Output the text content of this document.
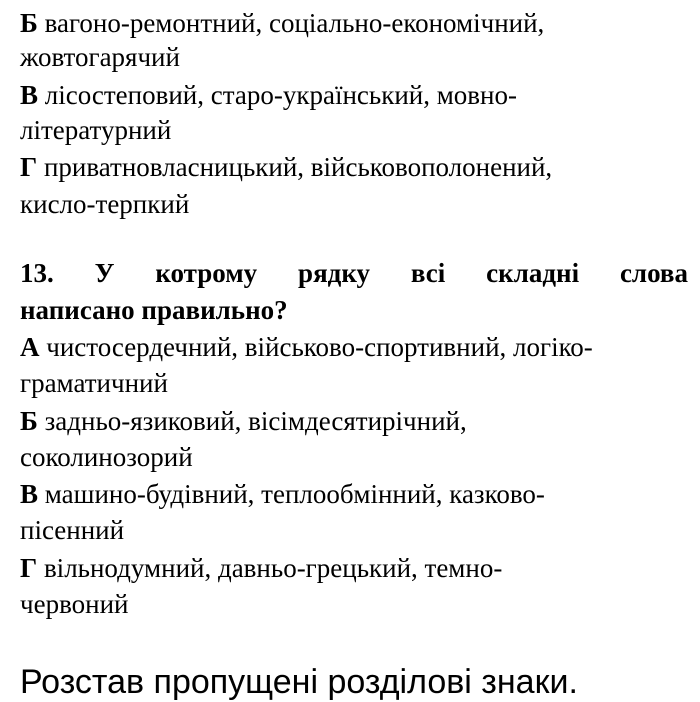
Б вагоно-ремонтний, соціально-економічний,
жовтогарячий
В лісостеповий, старо-український, мовно-
літературний
Г приватновласницький, військовополонений,
кисло-терпкий
13. У котрому рядку всі складні слова
написано правильно?
А чистосердечний, військово-спортивний, логіко-
граматичний
Б задньо-язиковий, вісімдесятирічний,
соколинозорий
В машино-будівний, теплообмінний, казково-
пісенний
Г вільнодумний, давньо-грецький, темно-
червоний
Розстав пропущені розділові знаки.
